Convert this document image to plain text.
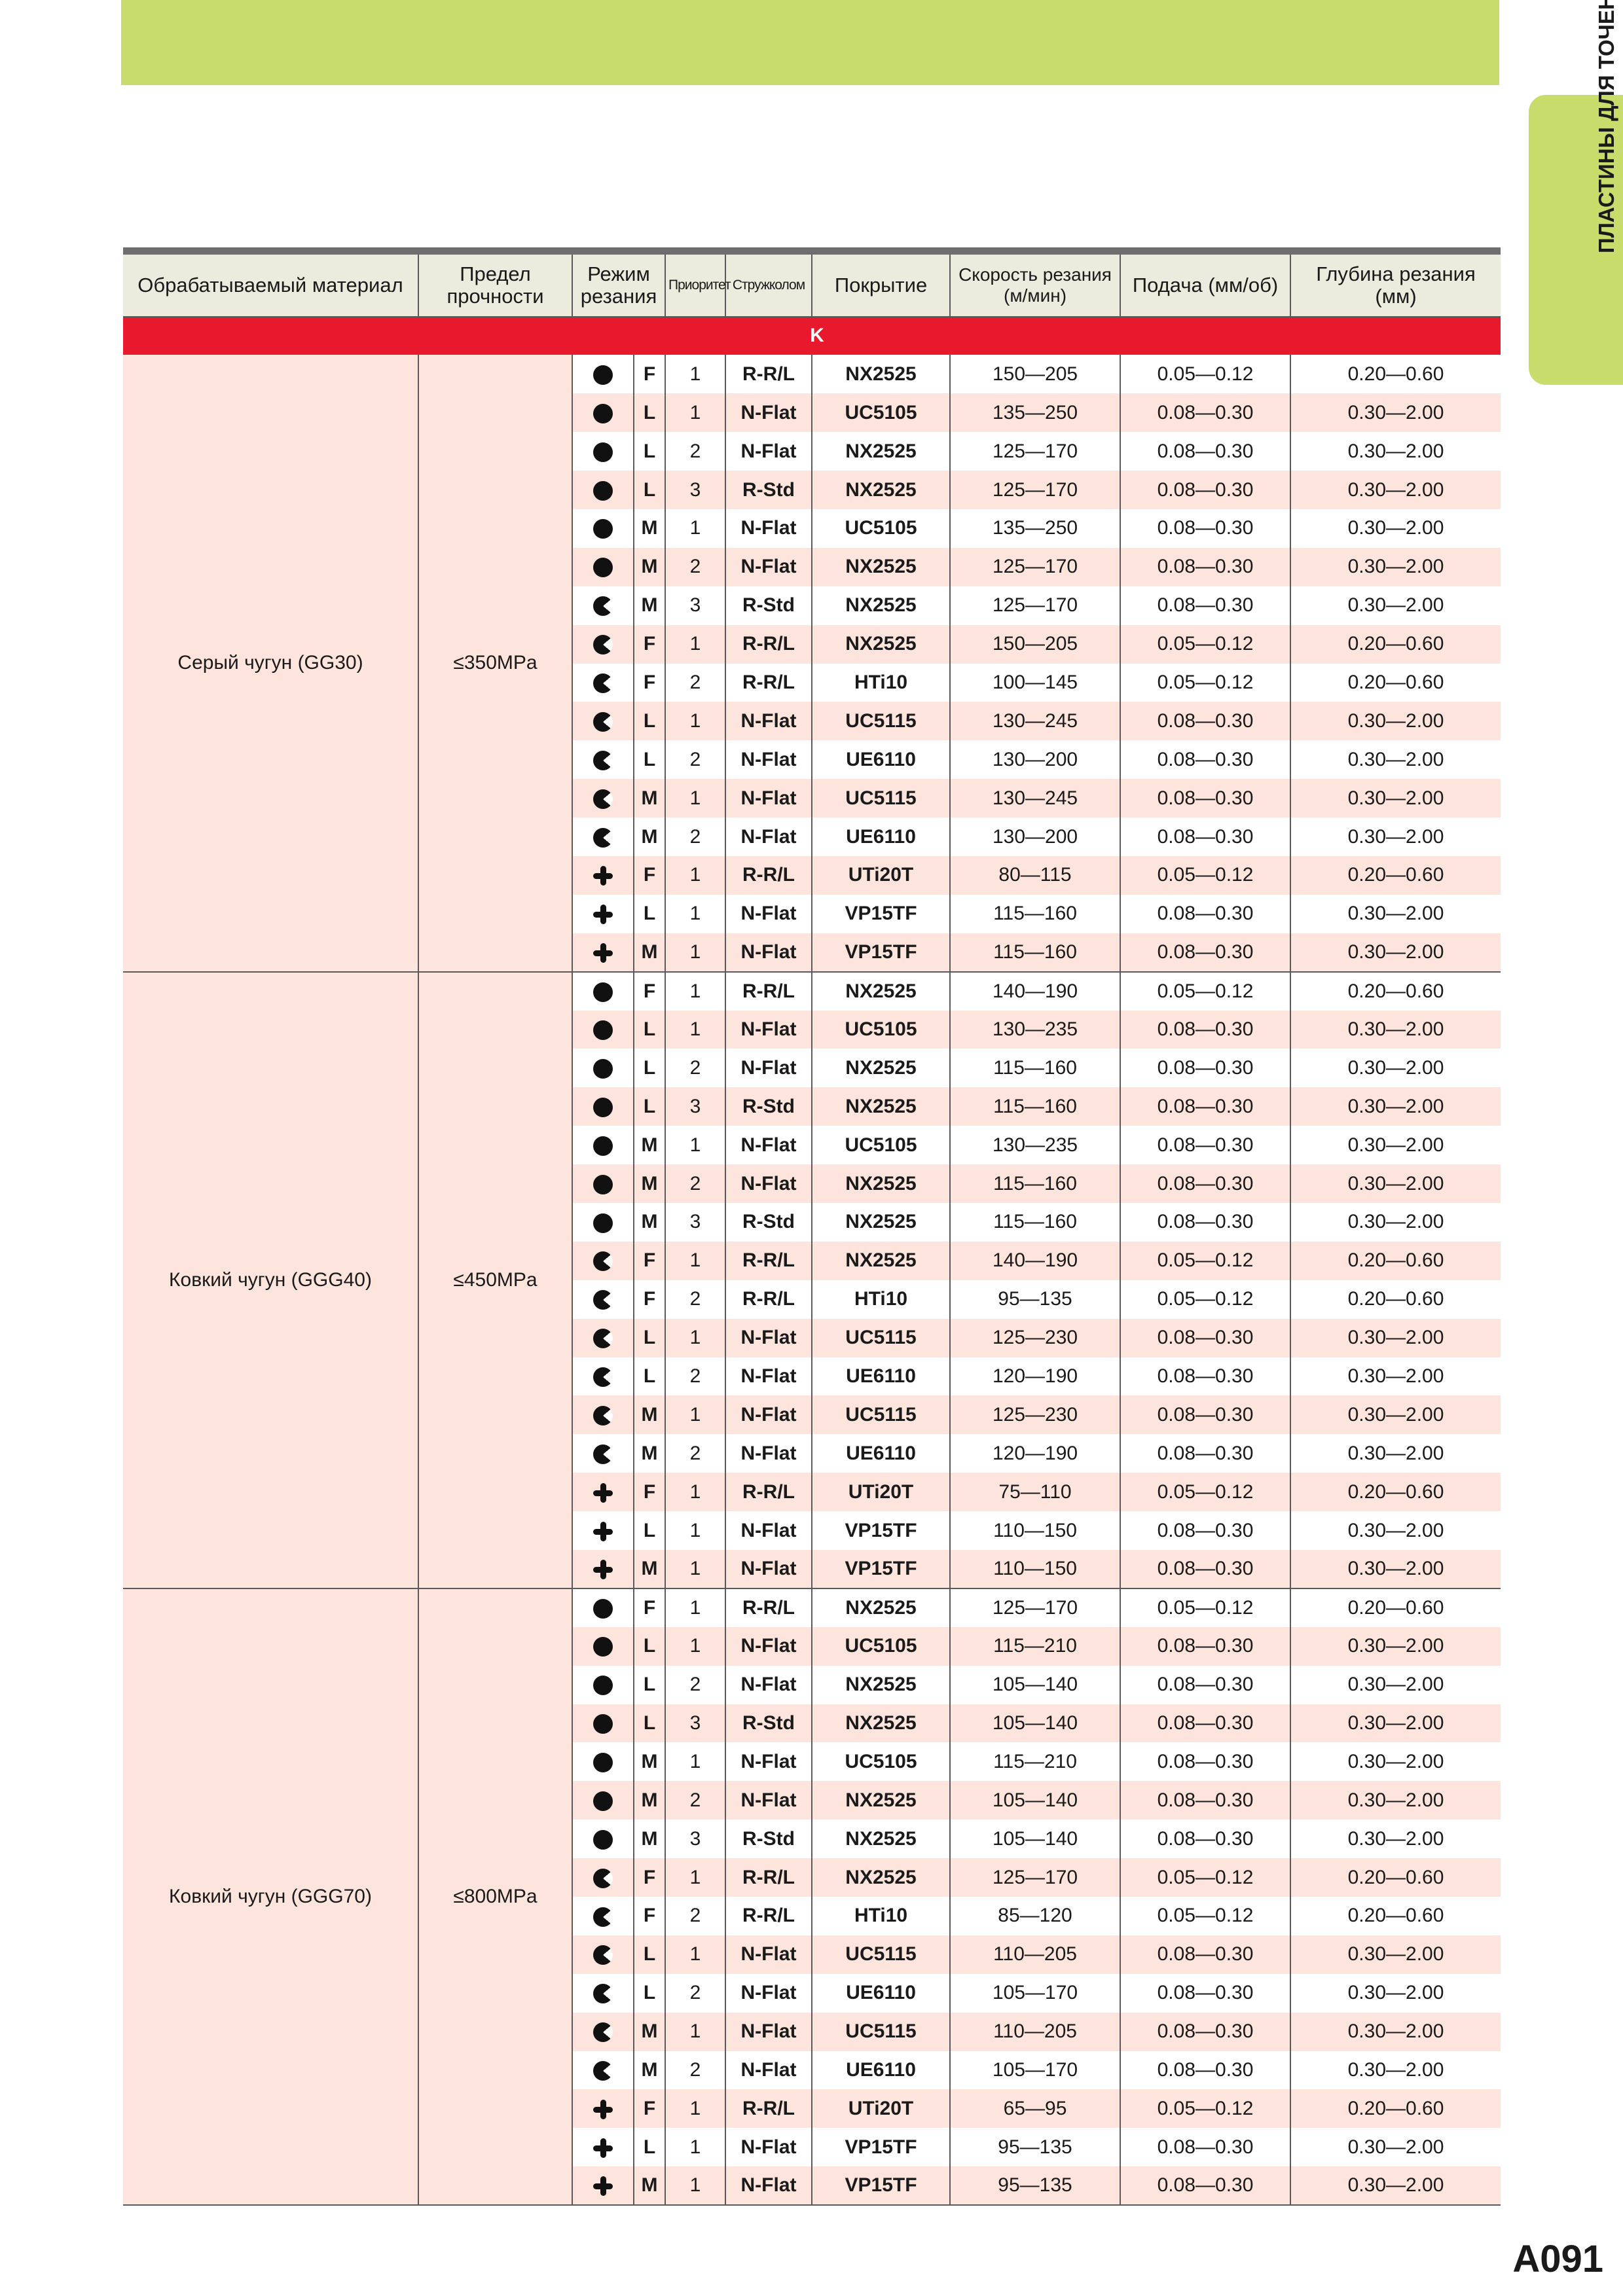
Обрабатываемый материал	Предел прочности	Режим резания		Приоритет	Стружколом	Покрытие	Скорость резания (м/мин)	Подача (мм/об)	Глубина резания (мм)
K									
Серый чугун (GG30)	≤350MPa		F	1	R-R/L	NX2525	150—205	0.05—0.12	0.20—0.60
			L	1	N-Flat	UC5105	135—250	0.08—0.30	0.30—2.00
			L	2	N-Flat	NX2525	125—170	0.08—0.30	0.30—2.00
			L	3	R-Std	NX2525	125—170	0.08—0.30	0.30—2.00
			M	1	N-Flat	UC5105	135—250	0.08—0.30	0.30—2.00
			M	2	N-Flat	NX2525	125—170	0.08—0.30	0.30—2.00
			M	3	R-Std	NX2525	125—170	0.08—0.30	0.30—2.00
			F	1	R-R/L	NX2525	150—205	0.05—0.12	0.20—0.60
			F	2	R-R/L	HTi10	100—145	0.05—0.12	0.20—0.60
			L	1	N-Flat	UC5115	130—245	0.08—0.30	0.30—2.00
			L	2	N-Flat	UE6110	130—200	0.08—0.30	0.30—2.00
			M	1	N-Flat	UC5115	130—245	0.08—0.30	0.30—2.00
			M	2	N-Flat	UE6110	130—200	0.08—0.30	0.30—2.00
			F	1	R-R/L	UTi20T	80—115	0.05—0.12	0.20—0.60
			L	1	N-Flat	VP15TF	115—160	0.08—0.30	0.30—2.00
			M	1	N-Flat	VP15TF	115—160	0.08—0.30	0.30—2.00
Ковкий чугун (GGG40)	≤450MPa		F	1	R-R/L	NX2525	140—190	0.05—0.12	0.20—0.60
			L	1	N-Flat	UC5105	130—235	0.08—0.30	0.30—2.00
			L	2	N-Flat	NX2525	115—160	0.08—0.30	0.30—2.00
			L	3	R-Std	NX2525	115—160	0.08—0.30	0.30—2.00
			M	1	N-Flat	UC5105	130—235	0.08—0.30	0.30—2.00
			M	2	N-Flat	NX2525	115—160	0.08—0.30	0.30—2.00
			M	3	R-Std	NX2525	115—160	0.08—0.30	0.30—2.00
			F	1	R-R/L	NX2525	140—190	0.05—0.12	0.20—0.60
			F	2	R-R/L	HTi10	95—135	0.05—0.12	0.20—0.60
			L	1	N-Flat	UC5115	125—230	0.08—0.30	0.30—2.00
			L	2	N-Flat	UE6110	120—190	0.08—0.30	0.30—2.00
			M	1	N-Flat	UC5115	125—230	0.08—0.30	0.30—2.00
			M	2	N-Flat	UE6110	120—190	0.08—0.30	0.30—2.00
			F	1	R-R/L	UTi20T	75—110	0.05—0.12	0.20—0.60
			L	1	N-Flat	VP15TF	110—150	0.08—0.30	0.30—2.00
			M	1	N-Flat	VP15TF	110—150	0.08—0.30	0.30—2.00
Ковкий чугун (GGG70)	≤800MPa		F	1	R-R/L	NX2525	125—170	0.05—0.12	0.20—0.60
			L	1	N-Flat	UC5105	115—210	0.08—0.30	0.30—2.00
			L	2	N-Flat	NX2525	105—140	0.08—0.30	0.30—2.00
			L	3	R-Std	NX2525	105—140	0.08—0.30	0.30—2.00
			M	1	N-Flat	UC5105	115—210	0.08—0.30	0.30—2.00
			M	2	N-Flat	NX2525	105—140	0.08—0.30	0.30—2.00
			M	3	R-Std	NX2525	105—140	0.08—0.30	0.30—2.00
			F	1	R-R/L	NX2525	125—170	0.05—0.12	0.20—0.60
			F	2	R-R/L	HTi10	85—120	0.05—0.12	0.20—0.60
			L	1	N-Flat	UC5115	110—205	0.08—0.30	0.30—2.00
			L	2	N-Flat	UE6110	105—170	0.08—0.30	0.30—2.00
			M	1	N-Flat	UC5115	110—205	0.08—0.30	0.30—2.00
			M	2	N-Flat	UE6110	105—170	0.08—0.30	0.30—2.00
			F	1	R-R/L	UTi20T	65—95	0.05—0.12	0.20—0.60
			L	1	N-Flat	VP15TF	95—135	0.08—0.30	0.30—2.00
			M	1	N-Flat	VP15TF	95—135	0.08—0.30	0.30—2.00
A091
